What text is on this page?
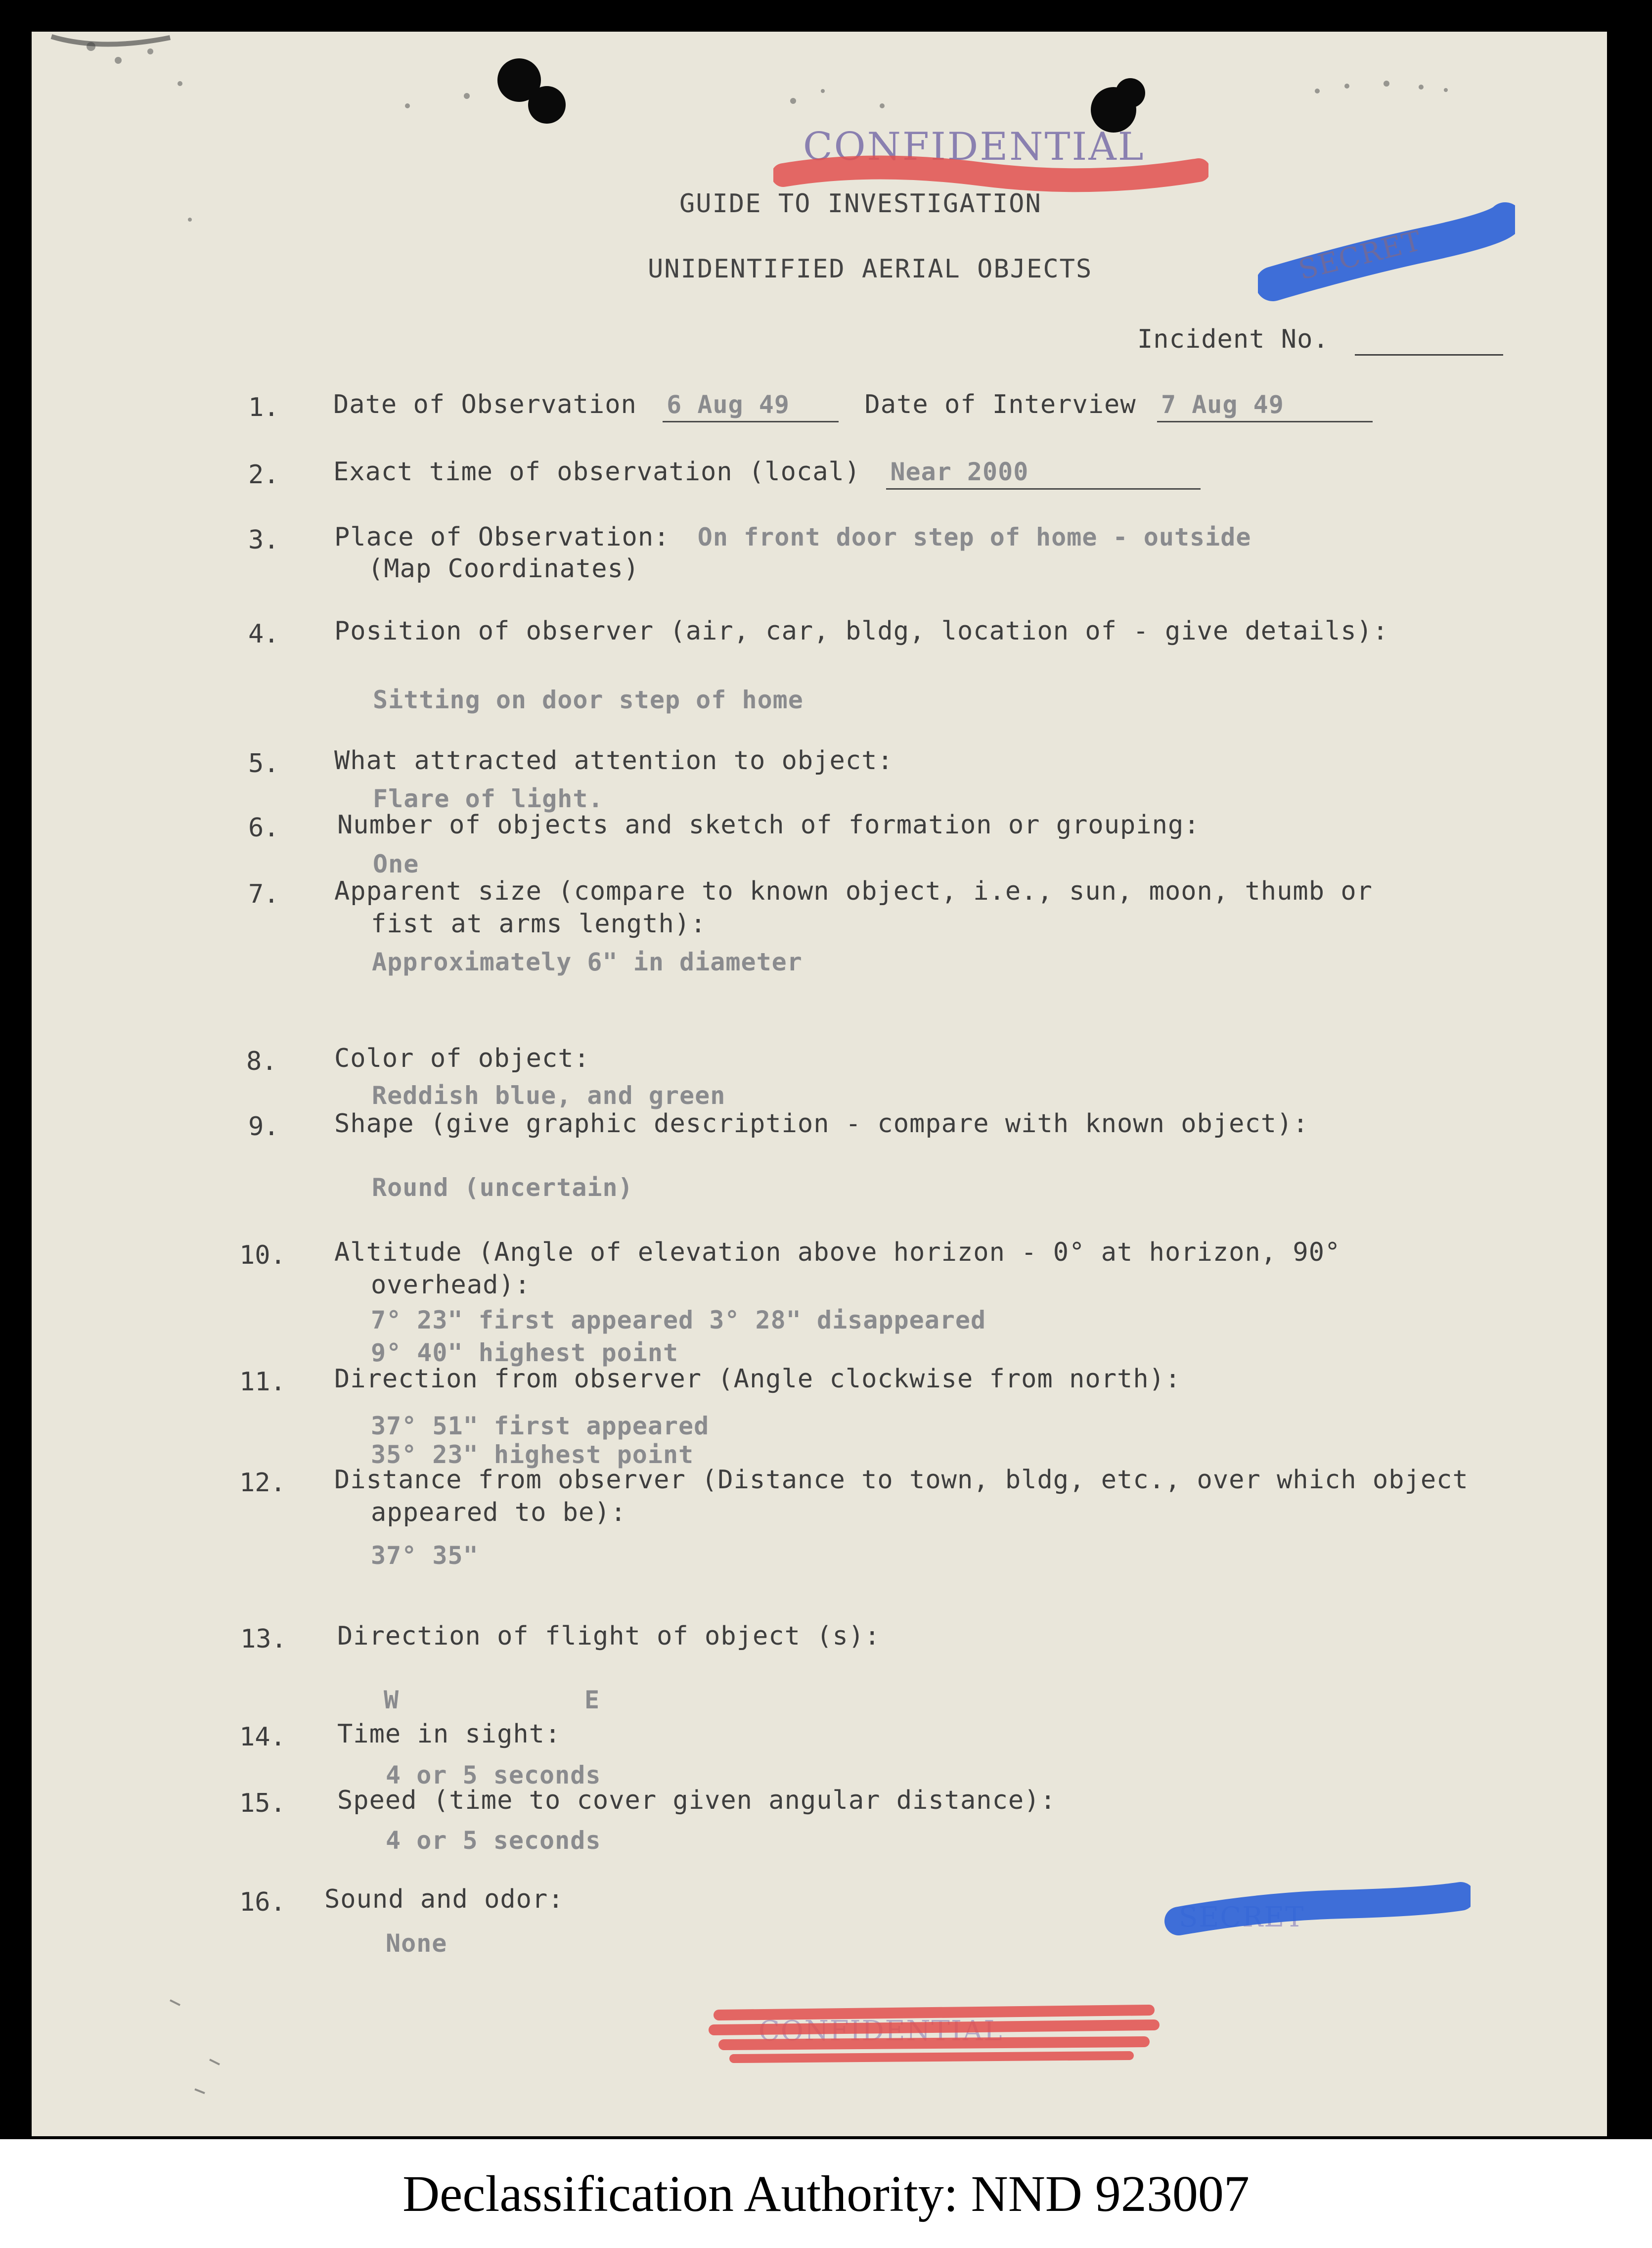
CONFIDENTIAL
SECRET
GUIDE TO INVESTIGATION
UNIDENTIFIED AERIAL OBJECTS
Incident No.
1. Date of Observation 6 Aug 49	Date of Interview 7 Aug 49
2. Exact time of observation (local) Near 2000
3. Place of Observation: On front door step of home - outside
(Map Coordinates)
4. Position of observer (air, car, bldg, location of - give details):
Sitting on door step of home
5. What attracted attention to object:
Flare of light.
6. Number of objects and sketch of formation or grouping:
One
7. Apparent size (compare to known object, i.e., sun, moon, thumb or
fist at arms length):
Approximately 6" in diameter
8. Color of object:
Reddish blue, and green
9. Shape (give graphic description - compare with known object):
Round (uncertain)
10. Altitude (Angle of elevation above horizon - 0° at horizon, 90°
overhead):
7° 23" first appeared 3° 28" disappeared
9° 40" highest point
11. Direction from observer (Angle clockwise from north):
37° 51" first appeared
35° 23" highest point
12. Distance from observer (Distance to town, bldg, etc., over which object
appeared to be):
37° 35"
13. Direction of flight of object (s):
W	E
14. Time in sight:
4 or 5 seconds
15. Speed (time to cover given angular distance):
4 or 5 seconds
16. Sound and odor:
None
SECRET
CONFIDENTIAL
Declassification Authority: NND 923007
